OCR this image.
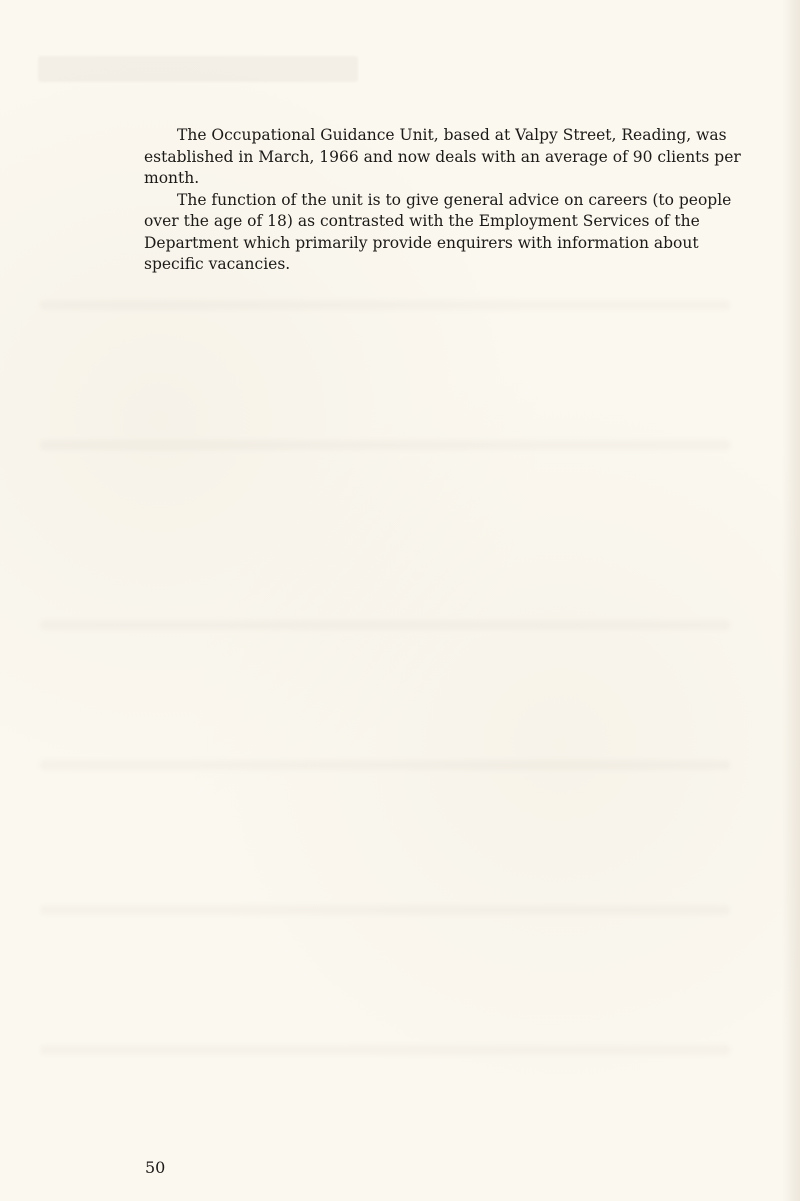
The Occupational Guidance Unit, based at Valpy Street, Reading, was established in March, 1966 and now deals with an average of 90 clients per month.

The function of the unit is to give general advice on careers (to people over the age of 18) as contrasted with the Employment Services of the Department which primarily provide enquirers with information about specific vacancies.

50
